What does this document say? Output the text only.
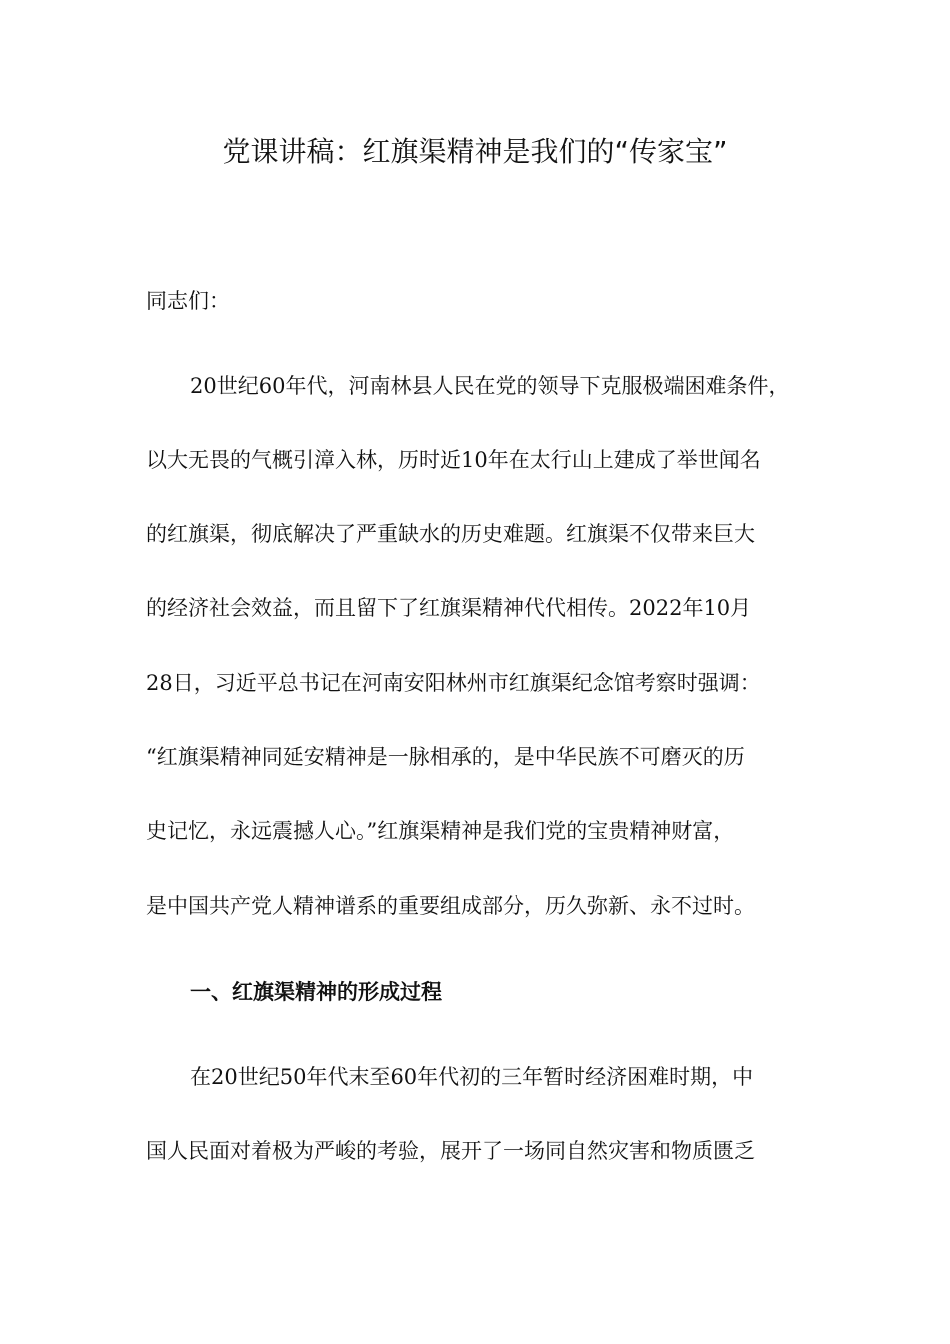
党课讲稿：红旗渠精神是我们的“传家宝”
同志们：
20世纪60年代，河南林县人民在党的领导下克服极端困难条件，
以大无畏的气概引漳入林，历时近10年在太行山上建成了举世闻名
的红旗渠，彻底解决了严重缺水的历史难题。红旗渠不仅带来巨大
的经济社会效益，而且留下了红旗渠精神代代相传。2022年10月
28日，习近平总书记在河南安阳林州市红旗渠纪念馆考察时强调：
“红旗渠精神同延安精神是一脉相承的，是中华民族不可磨灭的历
史记忆，永远震撼人心。”红旗渠精神是我们党的宝贵精神财富，
是中国共产党人精神谱系的重要组成部分，历久弥新、永不过时。
一、红旗渠精神的形成过程
在20世纪50年代末至60年代初的三年暂时经济困难时期，中
国人民面对着极为严峻的考验，展开了一场同自然灾害和物质匮乏
